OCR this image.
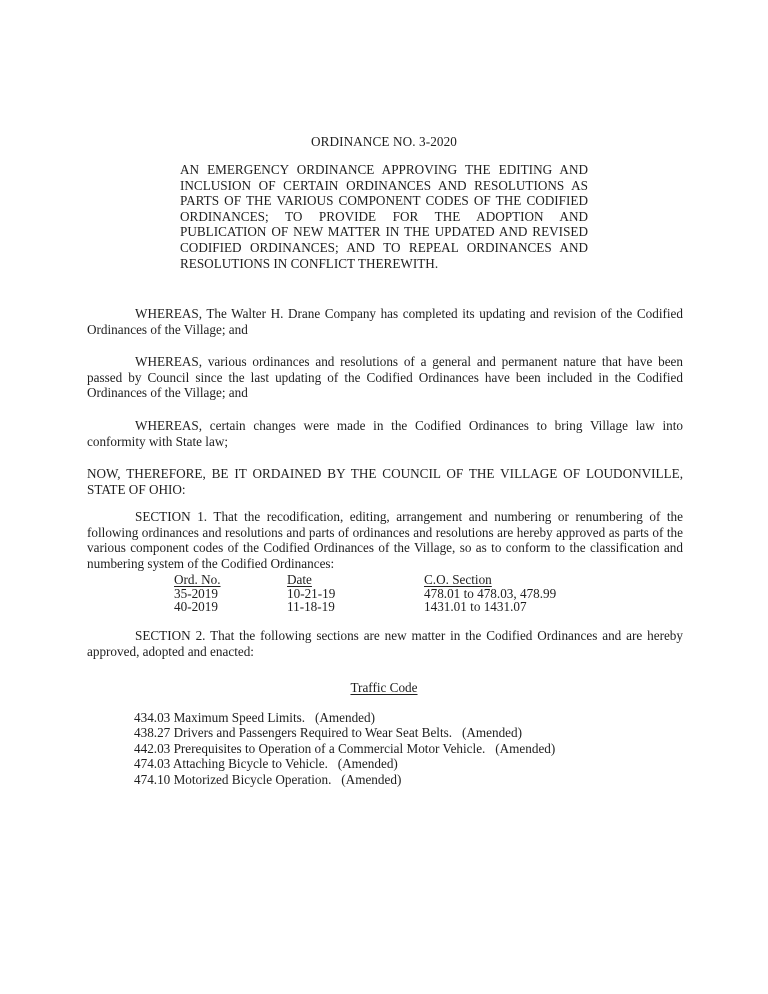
ORDINANCE NO. 3-2020

AN EMERGENCY ORDINANCE APPROVING THE EDITING AND INCLUSION OF CERTAIN ORDINANCES AND RESOLUTIONS AS PARTS OF THE VARIOUS COMPONENT CODES OF THE CODIFIED ORDINANCES; TO PROVIDE FOR THE ADOPTION AND PUBLICATION OF NEW MATTER IN THE UPDATED AND REVISED CODIFIED ORDINANCES; AND TO REPEAL ORDINANCES AND RESOLUTIONS IN CONFLICT THEREWITH.

WHEREAS, The Walter H. Drane Company has completed its updating and revision of the Codified Ordinances of the Village; and

WHEREAS, various ordinances and resolutions of a general and permanent nature that have been passed by Council since the last updating of the Codified Ordinances have been included in the Codified Ordinances of the Village; and

WHEREAS, certain changes were made in the Codified Ordinances to bring Village law into conformity with State law;

NOW, THEREFORE, BE IT ORDAINED BY THE COUNCIL OF THE VILLAGE OF LOUDONVILLE, STATE OF OHIO:

SECTION 1. That the recodification, editing, arrangement and numbering or renumbering of the following ordinances and resolutions and parts of ordinances and resolutions are hereby approved as parts of the various component codes of the Codified Ordinances of the Village, so as to conform to the classification and numbering system of the Codified Ordinances:

Ord. No.	Date	C.O. Section
35-2019	10-21-19	478.01 to 478.03, 478.99
40-2019	11-18-19	1431.01 to 1431.07

SECTION 2. That the following sections are new matter in the Codified Ordinances and are hereby approved, adopted and enacted:

Traffic Code

434.03 Maximum Speed Limits.   (Amended)
438.27 Drivers and Passengers Required to Wear Seat Belts.   (Amended)
442.03 Prerequisites to Operation of a Commercial Motor Vehicle.   (Amended)
474.03 Attaching Bicycle to Vehicle.   (Amended)
474.10 Motorized Bicycle Operation.   (Amended)
